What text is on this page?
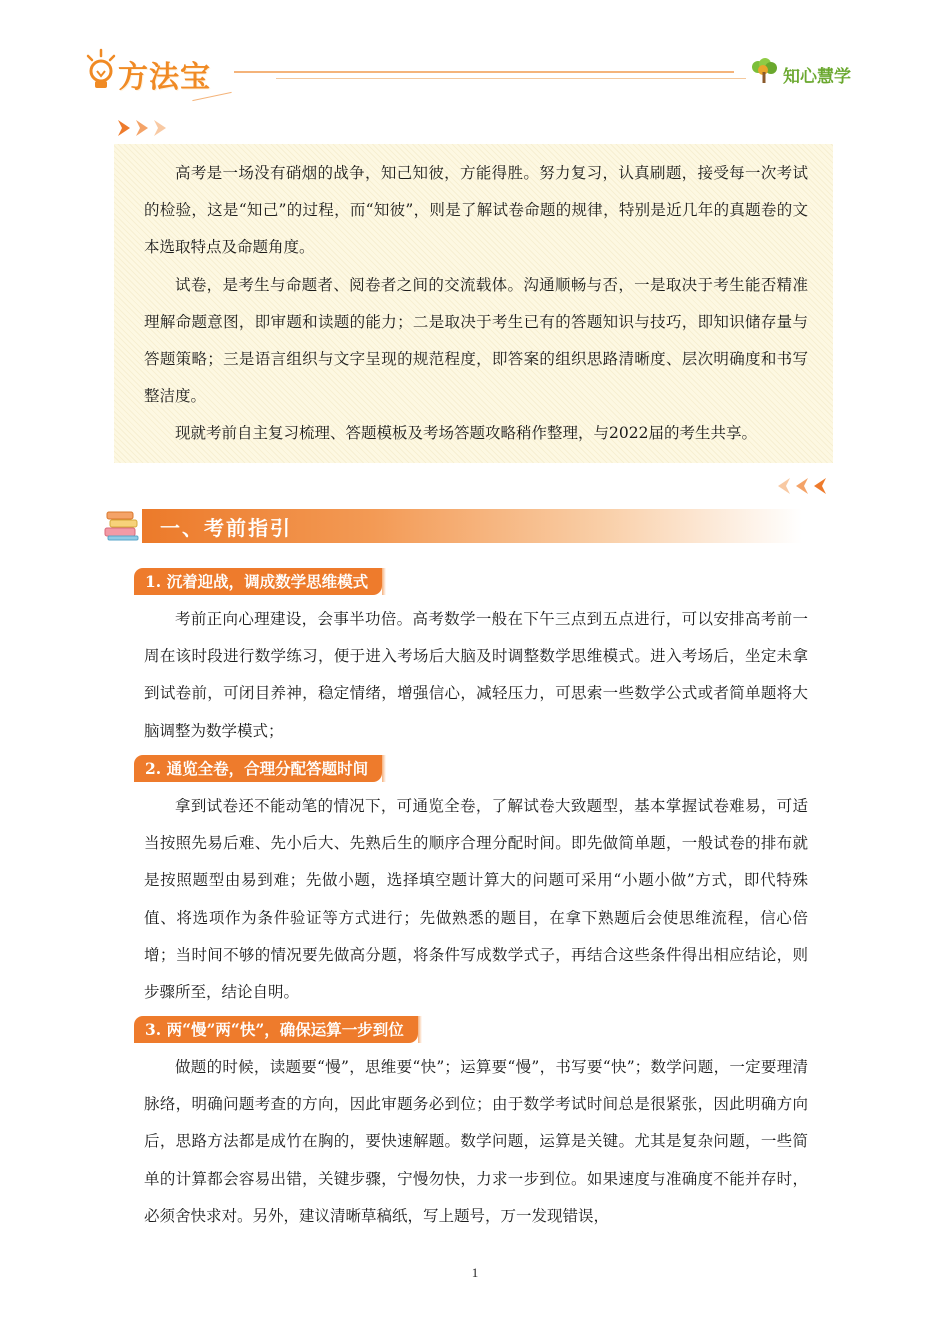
方法宝	知心慧学

高考是一场没有硝烟的战争，知己知彼，方能得胜。努力复习，认真刷题，接受每一次考试的检验，这是“知己”的过程，而“知彼”，则是了解试卷命题的规律，特别是近几年的真题卷的文本选取特点及命题角度。

试卷，是考生与命题者、阅卷者之间的交流载体。沟通顺畅与否，一是取决于考生能否精准理解命题意图，即审题和读题的能力；二是取决于考生已有的答题知识与技巧，即知识储存量与答题策略；三是语言组织与文字呈现的规范程度，即答案的组织思路清晰度、层次明确度和书写整洁度。

现就考前自主复习梳理、答题模板及考场答题攻略稍作整理，与2022届的考生共享。

一、考前指引
1. 沉着迎战，调成数学思维模式

考前正向心理建设，会事半功倍。高考数学一般在下午三点到五点进行，可以安排高考前一周在该时段进行数学练习，便于进入考场后大脑及时调整数学思维模式。进入考场后，坐定未拿到试卷前，可闭目养神，稳定情绪，增强信心，减轻压力，可思索一些数学公式或者简单题将大脑调整为数学模式；

2. 通览全卷，合理分配答题时间

拿到试卷还不能动笔的情况下，可通览全卷，了解试卷大致题型，基本掌握试卷难易，可适当按照先易后难、先小后大、先熟后生的顺序合理分配时间。即先做简单题，一般试卷的排布就是按照题型由易到难；先做小题，选择填空题计算大的问题可采用“小题小做”方式，即代特殊值、将选项作为条件验证等方式进行；先做熟悉的题目，在拿下熟题后会使思维流程，信心倍增；当时间不够的情况要先做高分题，将条件写成数学式子，再结合这些条件得出相应结论，则步骤所至，结论自明。

3. 两“慢”两“快”，确保运算一步到位

做题的时候，读题要“慢”，思维要“快”；运算要“慢”，书写要“快”；数学问题，一定要理清脉络，明确问题考查的方向，因此审题务必到位；由于数学考试时间总是很紧张，因此明确方向后，思路方法都是成竹在胸的，要快速解题。数学问题，运算是关键。尤其是复杂问题，一些简单的计算都会容易出错，关键步骤，宁慢勿快，力求一步到位。如果速度与准确度不能并存时，必须舍快求对。另外，建议清晰草稿纸，写上题号，万一发现错误，

1
